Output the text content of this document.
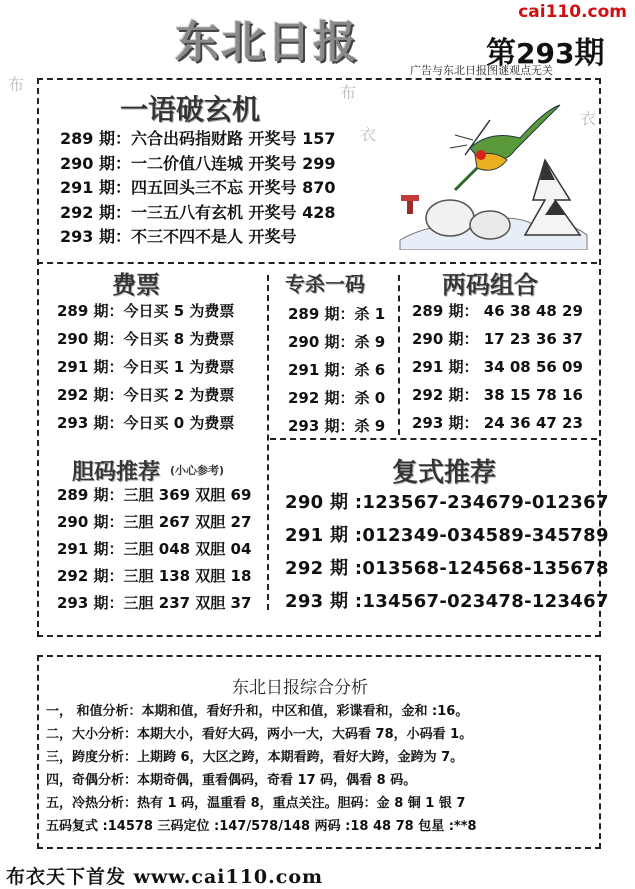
东北日报
cai110.com
第293期
广告与东北日报图谜观点无关
布	布
衣
衣
一语破玄机
289 期：六合出码指财路 开奖号 157
290 期：一二价值八连城 开奖号 299
291 期：四五回头三不忘 开奖号 870
292 期：一三五八有玄机 开奖号 428
293 期：不三不四不是人 开奖号
费票
289 期：今日买 5 为费票
290 期：今日买 8 为费票
291 期：今日买 1 为费票
292 期：今日买 2 为费票
293 期：今日买 0 为费票
专杀一码
289 期：杀 1
290 期：杀 9
291 期：杀 6
292 期：杀 0
293 期：杀 9
两码组合
289 期： 46 38 48 29
290 期： 17 23 36 37
291 期： 34 08 56 09
292 期： 38 15 78 16
293 期： 24 36 47 23
胆码推荐 (小心参考)
289 期：三胆 369 双胆 69
290 期：三胆 267 双胆 27
291 期：三胆 048 双胆 04
292 期：三胆 138 双胆 18
293 期：三胆 237 双胆 37
复式推荐
290 期 :123567-234679-012367
291 期 :012349-034589-345789
292 期 :013568-124568-135678
293 期 :134567-023478-123467
东北日报综合分析
一， 和值分析：本期和值，看好升和，中区和值，彩谍看和，金和 :16。
二，大小分析：本期大小，看好大码，两小一大，大码看 78，小码看 1。
三，跨度分析：上期跨 6，大区之跨，本期看跨，看好大跨，金跨为 7。
四，奇偶分析：本期奇偶，重看偶码，奇看 17 码，偶看 8 码。
五，冷热分析：热有 1 码，温重看 8，重点关注。胆码：金 8 铜 1 银 7
五码复式 :14578 三码定位 :147/578/148 两码 :18 48 78 包星 :**8
布衣天下首发 www.cai110.com
